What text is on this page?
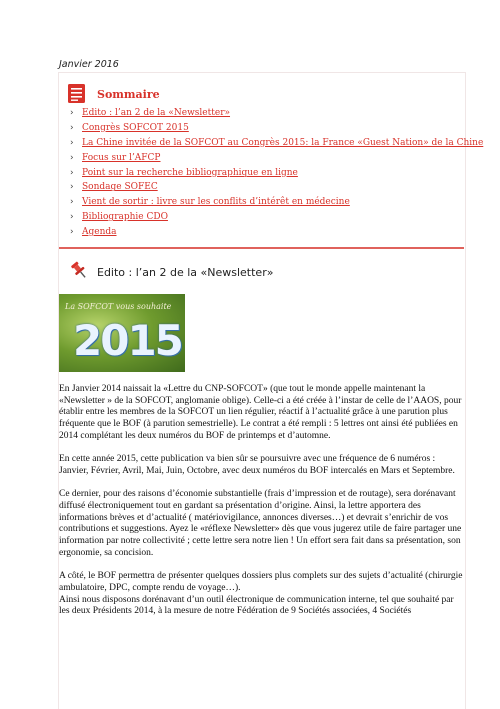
Janvier 2016
Sommaire
› Edito : l’an 2 de la «Newsletter»
› Congrès SOFCOT 2015
› La Chine invitée de la SOFCOT au Congrès 2015: la France «Guest Nation» de la Chine
› Focus sur l’AFCP
› Point sur la recherche bibliographique en ligne
› Sondage SOFEC
› Vient de sortir : livre sur les conflits d’intérêt en médecine
› Bibliographie CDO
› Agenda
Edito : l’an 2 de la «Newsletter»
La SOFCOT vous souhaite
2015

En Janvier 2014 naissait la «Lettre du CNP-SOFCOT» (que tout le monde appelle maintenant la «Newsletter » de la SOFCOT, anglomanie oblige). Celle-ci a été créée à l’instar de celle de l’AAOS, pour établir entre les membres de la SOFCOT un lien régulier, réactif à l’actualité grâce à une parution plus fréquente que le BOF (à parution semestrielle). Le contrat a été rempli : 5 lettres ont ainsi été publiées en 2014 complétant les deux numéros du BOF de printemps et d’automne.

En cette année 2015, cette publication va bien sûr se poursuivre avec une fréquence de 6 numéros : Janvier, Février, Avril, Mai, Juin, Octobre, avec deux numéros du BOF intercalés en Mars et Septembre.

Ce dernier, pour des raisons d’économie substantielle (frais d’impression et de routage), sera dorénavant diffusé électroniquement tout en gardant sa présentation d’origine. Ainsi, la lettre apportera des informations brèves et d’actualité ( matériovigilance, annonces diverses…) et devrait s’enrichir de vos contributions et suggestions. Ayez le «réflexe Newsletter» dès que vous jugerez utile de faire partager une information par notre collectivité ; cette lettre sera notre lien ! Un effort sera fait dans sa présentation, son ergonomie, sa concision.

A côté, le BOF permettra de présenter quelques dossiers plus complets sur des sujets d’actualité (chirurgie ambulatoire, DPC, compte rendu de voyage…).

Ainsi nous disposons dorénavant d’un outil électronique de communication interne, tel que souhaité par les deux Présidents 2014, à la mesure de notre Fédération de 9 Sociétés associées, 4 Sociétés
